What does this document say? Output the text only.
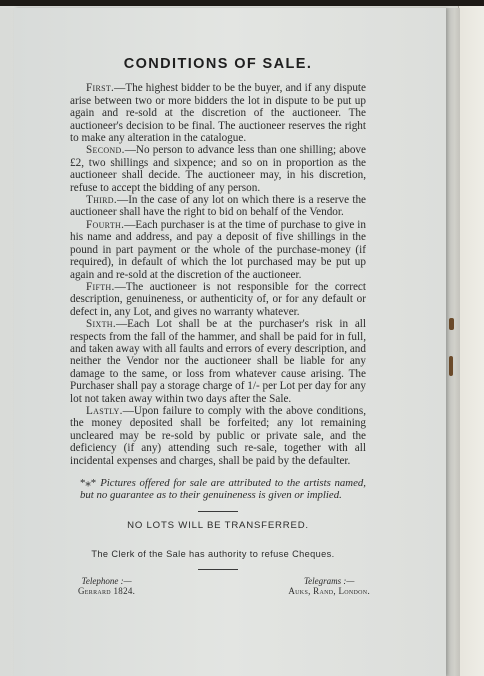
CONDITIONS OF SALE.

First.—The highest bidder to be the buyer, and if any dispute arise between two or more bidders the lot in dispute to be put up again and re-sold at the discretion of the auctioneer. The auctioneer's decision to be final. The auctioneer reserves the right to make any alteration in the catalogue.

Second.—No person to advance less than one shilling; above £2, two shillings and sixpence; and so on in proportion as the auctioneer shall decide. The auctioneer may, in his discretion, refuse to accept the bidding of any person.

Third.—In the case of any lot on which there is a reserve the auctioneer shall have the right to bid on behalf of the Vendor.

Fourth.—Each purchaser is at the time of purchase to give in his name and address, and pay a deposit of five shillings in the pound in part payment or the whole of the purchase-money (if required), in default of which the lot purchased may be put up again and re-sold at the discretion of the auctioneer.

Fifth.—The auctioneer is not responsible for the correct description, genuineness, or authenticity of, or for any default or defect in, any Lot, and gives no warranty whatever.

Sixth.—Each Lot shall be at the purchaser's risk in all respects from the fall of the hammer, and shall be paid for in full, and taken away with all faults and errors of every description, and neither the Vendor nor the auctioneer shall be liable for any damage to the same, or loss from whatever cause arising. The Purchaser shall pay a storage charge of 1/- per Lot per day for any lot not taken away within two days after the Sale.

Lastly.—Upon failure to comply with the above conditions, the money deposited shall be forfeited; any lot remaining uncleared may be re-sold by public or private sale, and the deficiency (if any) attending such re-sale, together with all incidental expenses and charges, shall be paid by the defaulter.

*⁎* Pictures offered for sale are attributed to the artists named, but no guarantee as to their genuineness is given or implied.

NO LOTS WILL BE TRANSFERRED.

The Clerk of the Sale has authority to refuse Cheques.

Telephone :—
Gerrard 1824.
Telegrams :—
Auks, Rand, London.
